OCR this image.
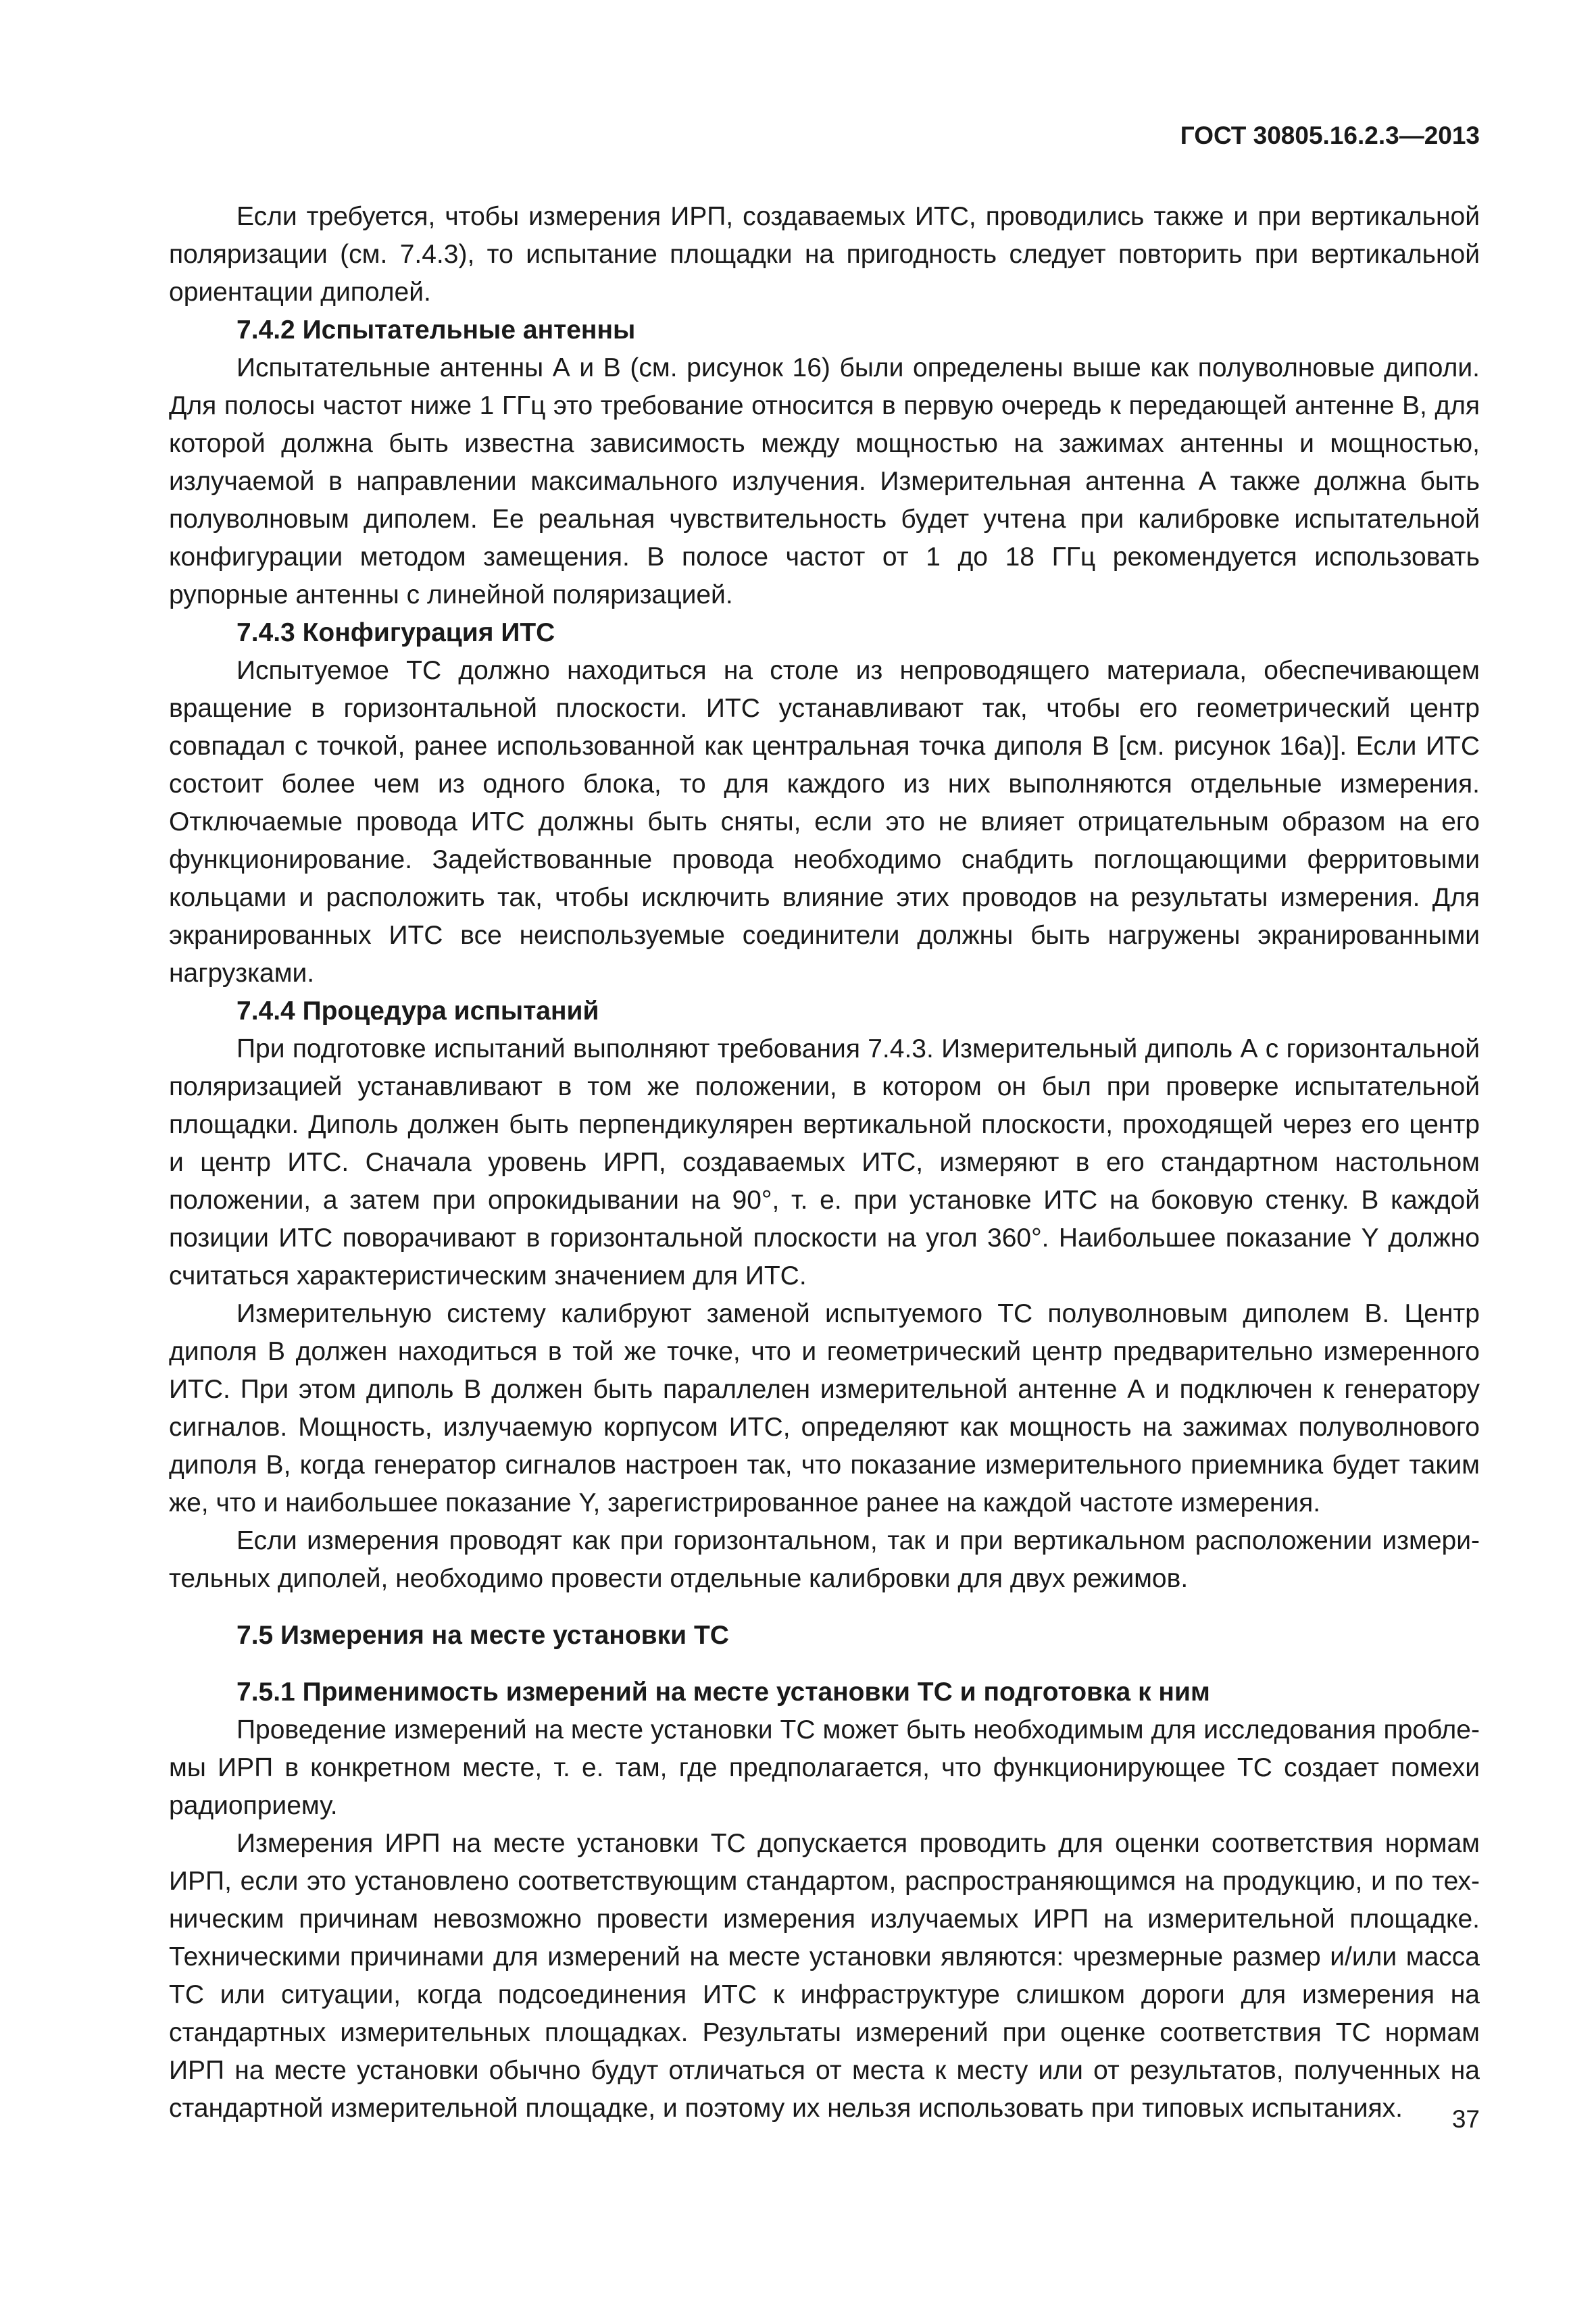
ГОСТ 30805.16.2.3—2013

Если требуется, чтобы измерения ИРП, создаваемых ИТС, проводились также и при вертикальной поляризации (см. 7.4.3), то испытание площадки на пригодность следует повторить при вертикальной ориентации диполей.

7.4.2 Испытательные антенны

Испытательные антенны А и В (см. рисунок 16) были определены выше как полуволновые диполи. Для полосы частот ниже 1 ГГц это требование относится в первую очередь к передающей антенне В, для которой должна быть известна зависимость между мощностью на зажимах антенны и мощностью, излучаемой в направлении максимального излучения. Измерительная антенна А также должна быть полуволновым диполем. Ее реальная чувствительность будет учтена при калибровке испытательной конфигурации методом замещения. В полосе частот от 1 до 18 ГГц рекомендуется использовать рупорные антенны с линейной поляризацией.

7.4.3 Конфигурация ИТС

Испытуемое ТС должно находиться на столе из непроводящего материала, обеспечивающем вращение в горизонтальной плоскости. ИТС устанавливают так, чтобы его геометрический центр совпадал с точкой, ранее использованной как центральная точка диполя В [см. рисунок 16а)]. Если ИТС состоит более чем из одного блока, то для каждого из них выполняются отдельные измерения. Отключаемые провода ИТС должны быть сняты, если это не влияет отрицательным образом на его функционирование. Задействованные провода необходимо снабдить поглощающими ферритовыми кольцами и расположить так, чтобы исключить влияние этих проводов на результаты измерения. Для экранированных ИТС все неиспользуемые соединители должны быть нагружены экранированными нагрузками.

7.4.4 Процедура испытаний

При подготовке испытаний выполняют требования 7.4.3. Измерительный диполь А с горизонтальной поляризацией устанавливают в том же положении, в котором он был при проверке испытательной площадки. Диполь должен быть перпендикулярен вертикальной плоскости, проходящей через его центр и центр ИТС. Сначала уровень ИРП, создаваемых ИТС, измеряют в его стандартном настольном положении, а затем при опрокидывании на 90°, т. е. при установке ИТС на боковую стенку. В каждой позиции ИТС поворачивают в горизонтальной плоскости на угол 360°. Наибольшее показание Y должно считаться характеристическим значением для ИТС.

Измерительную систему калибруют заменой испытуемого ТС полуволновым диполем В. Центр диполя В должен находиться в той же точке, что и геометрический центр предварительно измеренного ИТС. При этом диполь В должен быть параллелен измерительной антенне А и подключен к генератору сигналов. Мощность, излучаемую корпусом ИТС, определяют как мощность на зажимах полуволнового диполя В, когда генератор сигналов настроен так, что показание измерительного приемника будет таким же, что и наибольшее показание Y, зарегистрированное ранее на каждой частоте измерения.

Если измерения проводят как при горизонтальном, так и при вертикальном расположении измерительных диполей, необходимо провести отдельные калибровки для двух режимов.

7.5 Измерения на месте установки ТС
7.5.1 Применимость измерений на месте установки ТС и подготовка к ним

Проведение измерений на месте установки ТС может быть необходимым для исследования проблемы ИРП в конкретном месте, т. е. там, где предполагается, что функционирующее ТС создает помехи радиоприему.

Измерения ИРП на месте установки ТС допускается проводить для оценки соответствия нормам ИРП, если это установлено соответствующим стандартом, распространяющимся на продукцию, и по техническим причинам невозможно провести измерения излучаемых ИРП на измерительной площадке. Техническими причинами для измерений на месте установки являются: чрезмерные размер и/или масса ТС или ситуации, когда подсоединения ИТС к инфраструктуре слишком дороги для измерения на стандартных измерительных площадках. Результаты измерений при оценке соответствия ТС нормам ИРП на месте установки обычно будут отличаться от места к месту или от результатов, полученных на стандартной измерительной площадке, и поэтому их нельзя использовать при типовых испытаниях.	37
